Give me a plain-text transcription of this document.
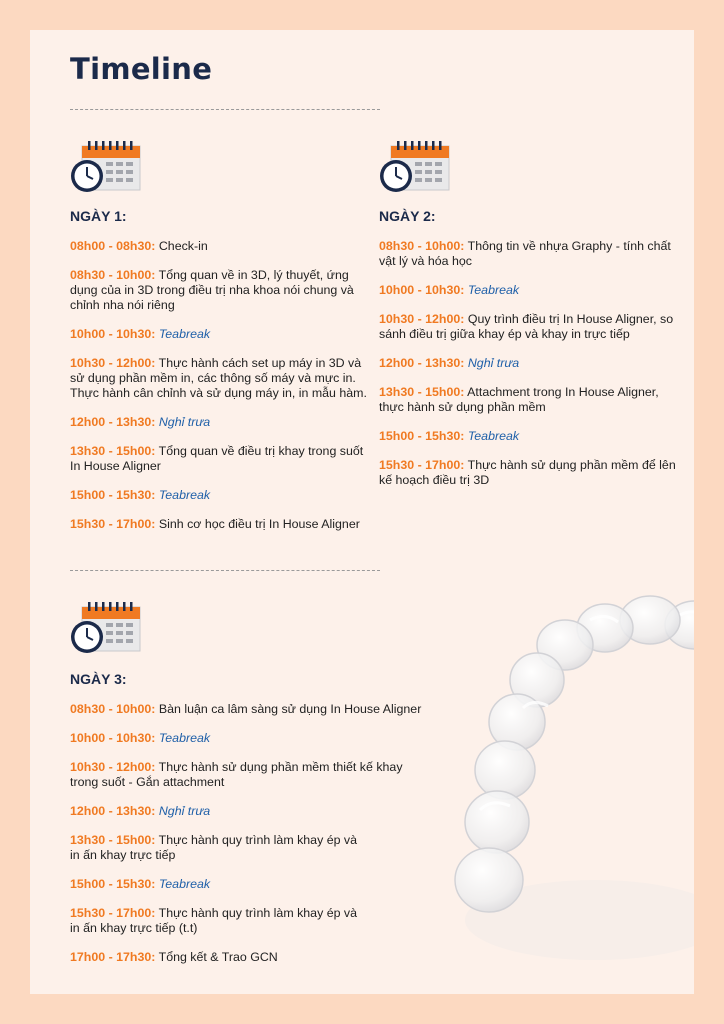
Timeline
NGÀY 1:
08h00 - 08h30: Check-in
08h30 - 10h00: Tổng quan về in 3D, lý thuyết, ứng dụng của in 3D trong điều trị nha khoa nói chung và chỉnh nha nói riêng
10h00 - 10h30: Teabreak
10h30 - 12h00: Thực hành cách set up máy in 3D và sử dụng phần mềm in, các thông số máy và mực in. Thực hành cân chỉnh và sử dụng máy in, in mẫu hàm.
12h00 - 13h30: Nghỉ trưa
13h30 - 15h00: Tổng quan về điều trị khay trong suốt In House Aligner
15h00 - 15h30: Teabreak
15h30 - 17h00: Sinh cơ học điều trị In House Aligner
NGÀY 2:
08h30 - 10h00: Thông tin về nhựa Graphy - tính chất vật lý và hóa học
10h00 - 10h30: Teabreak
10h30 - 12h00: Quy trình điều trị In House Aligner, so sánh điều trị giữa khay ép và khay in trực tiếp
12h00 - 13h30: Nghỉ trưa
13h30 - 15h00: Attachment trong In House Aligner, thực hành sử dụng phần mềm
15h00 - 15h30: Teabreak
15h30 - 17h00: Thực hành sử dụng phần mềm để lên kế hoạch điều trị 3D
NGÀY 3:
08h30 - 10h00: Bàn luận ca lâm sàng sử dụng In House Aligner
10h00 - 10h30: Teabreak
10h30 - 12h00: Thực hành sử dụng phần mềm thiết kế khay trong suốt - Gắn attachment
12h00 - 13h30: Nghỉ trưa
13h30 - 15h00: Thực hành quy trình làm khay ép và in ấn khay trực tiếp
15h00 - 15h30: Teabreak
15h30 - 17h00: Thực hành quy trình làm khay ép và in ấn khay trực tiếp (t.t)
17h00 - 17h30: Tổng kết & Trao GCN
